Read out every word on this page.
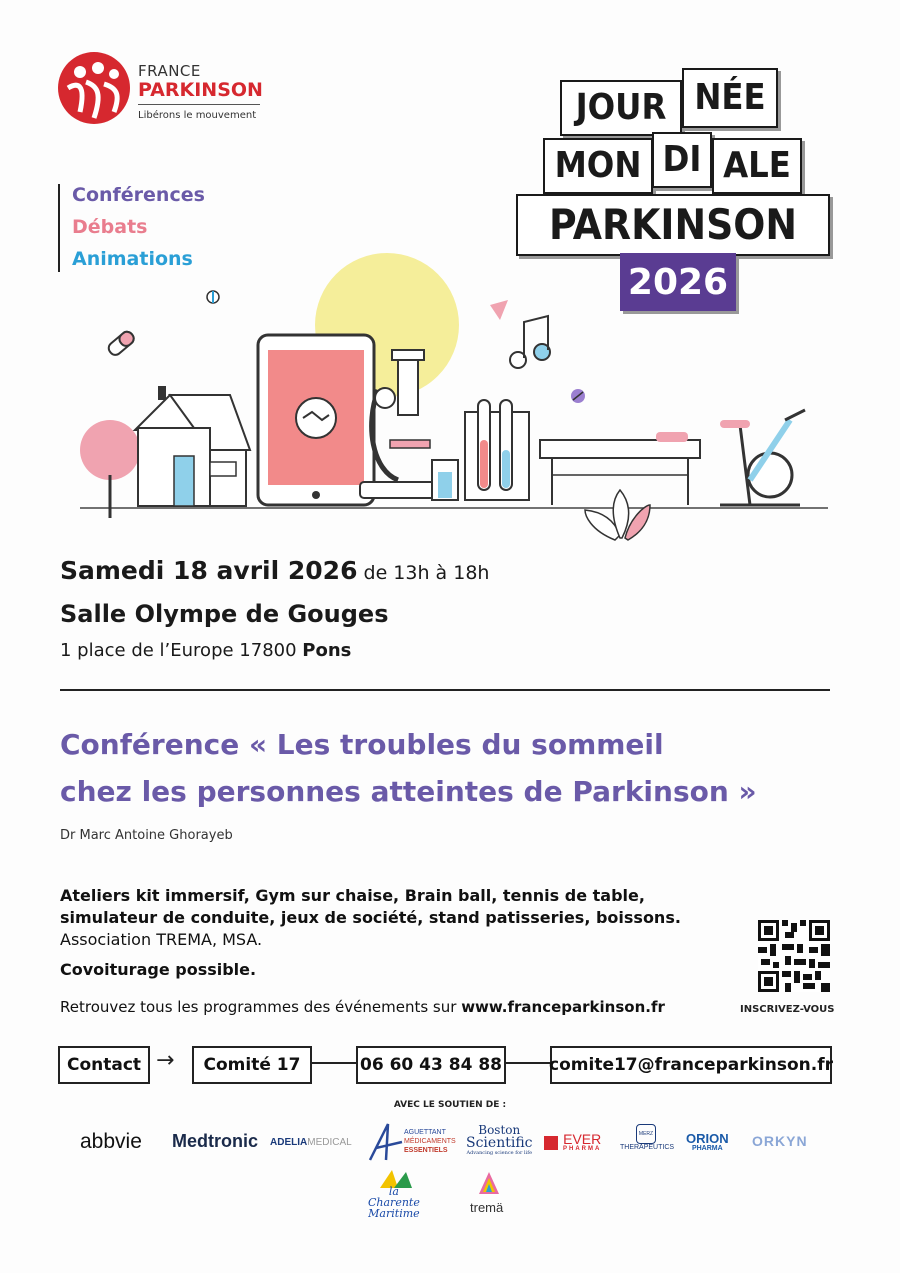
FRANCE
PARKINSON
Libérons le mouvement
Conférences
Débats
Animations
JOUR NÉE
MON DI ALE
PARKINSON
2026
Samedi 18 avril 2026 de 13h à 18h
Salle Olympe de Gouges
1 place de l’Europe 17800 Pons
Conférence « Les troubles du sommeil
chez les personnes atteintes de Parkinson »
Dr Marc Antoine Ghorayeb
Ateliers kit immersif, Gym sur chaise, Brain ball, tennis de table,
simulateur de conduite, jeux de société, stand patisseries, boissons.
Association TREMA, MSA.
Covoiturage possible.
Retrouvez tous les programmes des événements sur www.franceparkinson.fr	INSCRIVEZ-VOUS
Contact →	Comité 17	06 60 43 84 88	comite17@franceparkinson.fr
AVEC LE SOUTIEN DE :
abbvie Medtronic ADELIAMEDICAL
AGUETTANT
MÉDICAMENTS
ESSENTIELS
Boston
Scientific
Advancing science for life
EVER
PHARMA
MERZ
THERAPEUTICS
ORION
PHARMA	ORKYN
la
Charente
Maritime	tremä
